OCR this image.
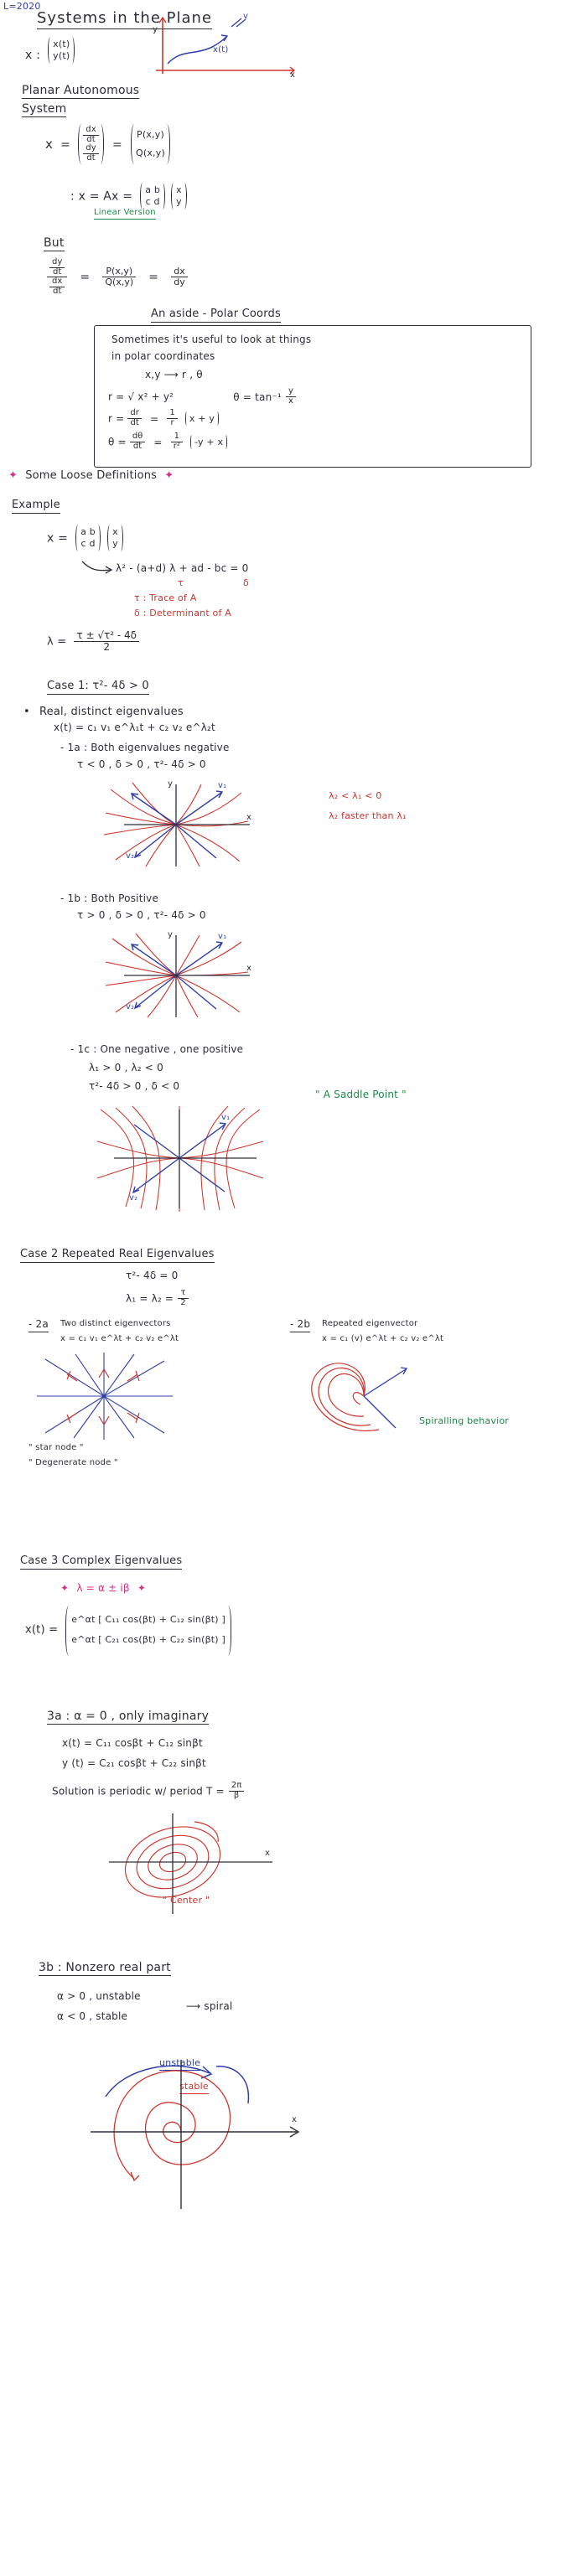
L=2020
Systems in the Plane
x :
x(t)
y(t)
x(t)
v
x
y
Planar Autonomous
System
x =
$\frac{dx}{dt}$
$\frac{dy}{dt}$ =
P(x,y)
Q(x,y)
: x = Ax = a b
c d

x
y
Linear Version
But
$\frac{\frac{dy}{dt}}{\frac{dx}{dt}} = \frac{P(x,y)}{Q(x,y)} = \frac{dx}{dy}$
An aside - Polar Coords
Sometimes it's useful to look at things
in polar coordinates
x,y ⟶ r , θ
r = √ x² + y²	$\theta = \tan^{-1} \frac{y}{x}$
$r = \frac{dr}{dt} = \frac{1}{r}$
x + y
$\theta = \frac{d\theta}{dt} = \frac{1}{\text{r²}}$
-y + x
✦ Some Loose Definitions ✦
Example
x = a b
c d

x
y
λ² - (a+d) λ + ad - bc = 0
τ	δ
τ : Trace of A
δ : Determinant of A
$\lambda = \frac{\text{τ ± √τ² - 4δ}}{2}$
Case 1: τ²- 4δ > 0
• Real, distinct eigenvalues
x(t) = c₁ v₁ e^λ₁t + c₂ v₂ e^λ₂t
- 1a : Both eigenvalues negative
τ < 0 , δ > 0 , τ²- 4δ > 0
v₁
v₂
x
y
λ₂ < λ₁ < 0
λ₂ faster than λ₁
- 1b : Both Positive
τ > 0 , δ > 0 , τ²- 4δ > 0
v₁
v₂
x
y
- 1c : One negative , one positive
λ₁ > 0 , λ₂ < 0
τ²- 4δ > 0 , δ < 0
" A Saddle Point "
v₁
v₂
Case 2 Repeated Real Eigenvalues
τ²- 4δ = 0
$\lambda_1 = \lambda_2 = \frac{\tau}{2}$
- 2a Two distinct eigenvectors
x = c₁ v₁ e^λt + c₂ v₂ e^λt
" star node "
" Degenerate node "
- 2b Repeated eigenvector
x = c₁ (v) e^λt + c₂ v₂ e^λt
Spiralling behavior
Case 3 Complex Eigenvalues
✦ λ = α ± iβ ✦
x(t) =
e^αt [ C₁₁ cos(βt) + C₁₂ sin(βt) ]
e^αt [ C₂₁ cos(βt) + C₂₂ sin(βt) ]
3a : α = 0 , only imaginary
x(t) = C₁₁ cosβt + C₁₂ sinβt
y (t) = C₂₁ cosβt + C₂₂ sinβt
Solution is periodic w/ period $T = \frac{2\pi}{\beta}$
x
" Center "
3b : Nonzero real part
α > 0 , unstable
α < 0 , stable
⟶ spiral
unstable
stable
x
